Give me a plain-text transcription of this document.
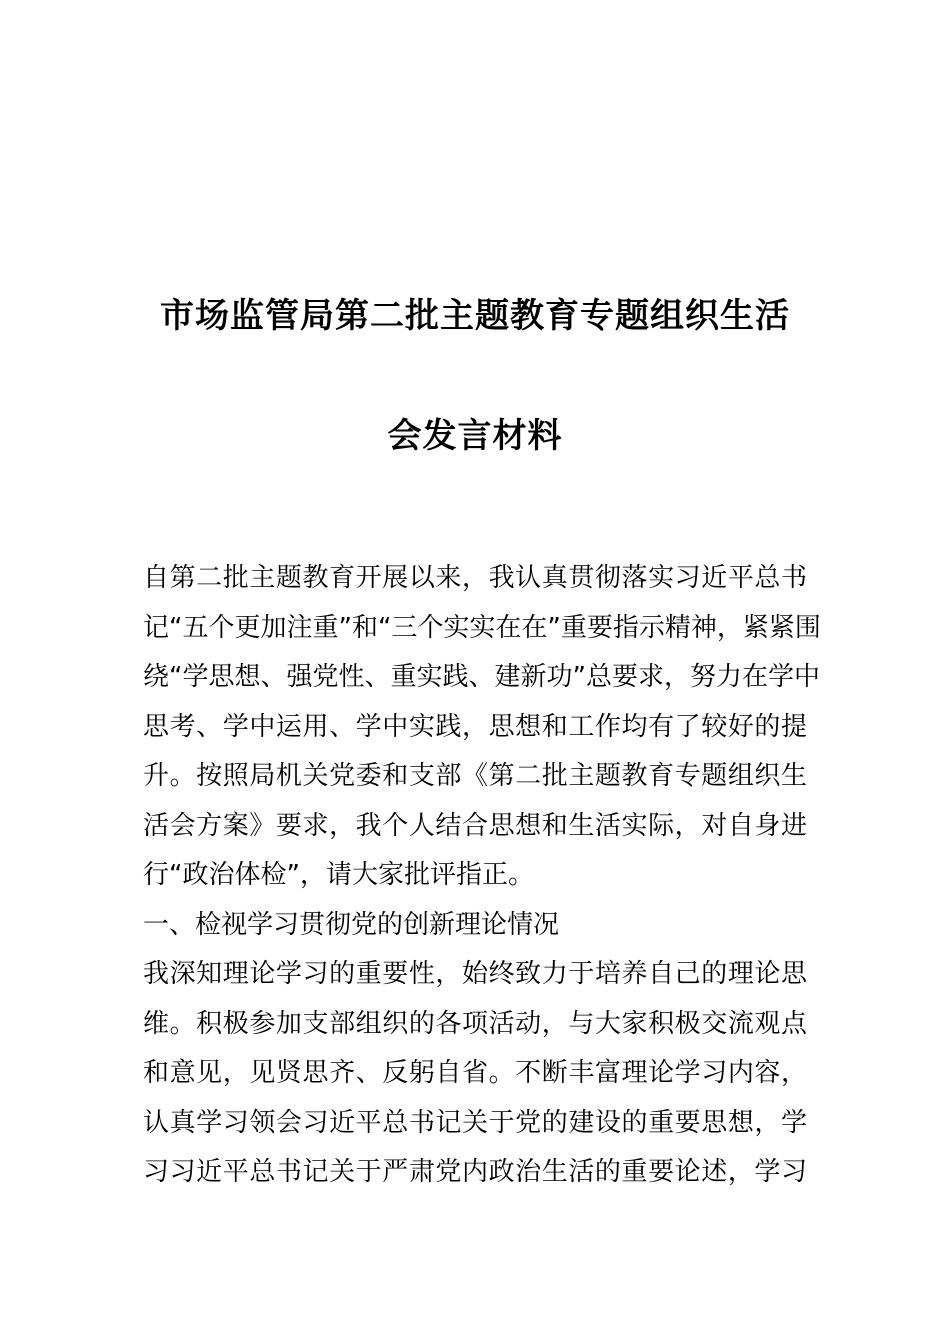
市场监管局第二批主题教育专题组织生活
会发言材料
自第二批主题教育开展以来，我认真贯彻落实习近平总书
记“五个更加注重”和“三个实实在在”重要指示精神，紧紧围
绕“学思想、强党性、重实践、建新功”总要求，努力在学中
思考、学中运用、学中实践，思想和工作均有了较好的提
升。按照局机关党委和支部《第二批主题教育专题组织生
活会方案》要求，我个人结合思想和生活实际，对自身进
行“政治体检”，请大家批评指正。
一、检视学习贯彻党的创新理论情况
我深知理论学习的重要性，始终致力于培养自己的理论思
维。积极参加支部组织的各项活动，与大家积极交流观点
和意见，见贤思齐、反躬自省。不断丰富理论学习内容，
认真学习领会习近平总书记关于党的建设的重要思想，学
习习近平总书记关于严肃党内政治生活的重要论述，学习
